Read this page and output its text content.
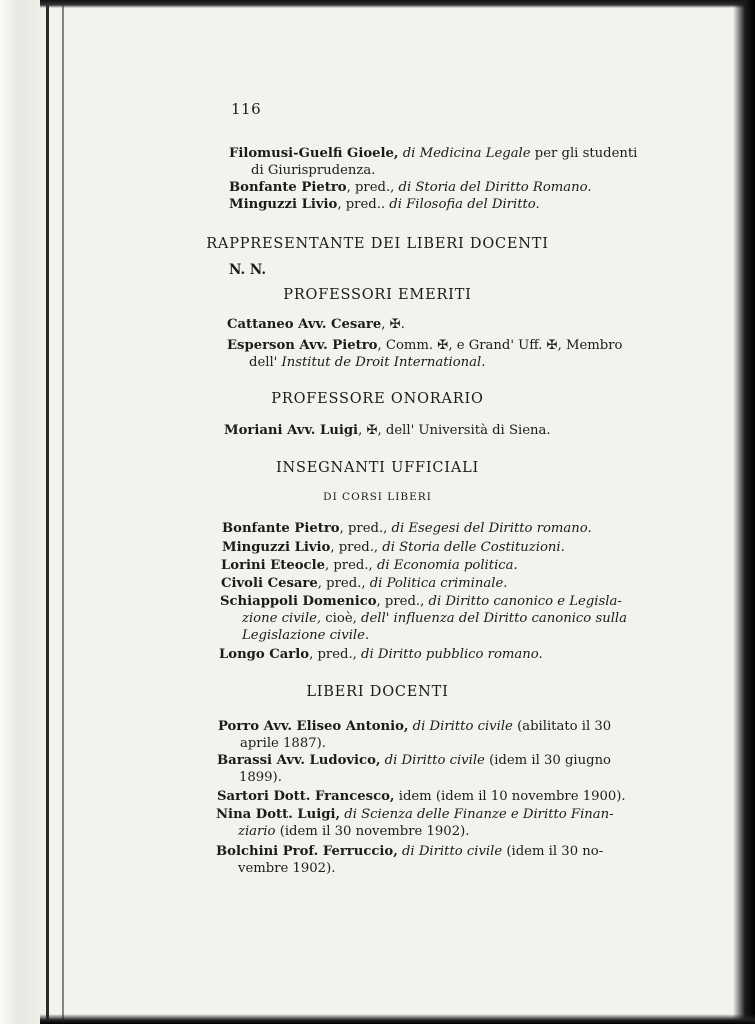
116
Filomusi-Guelfi Gioele, di Medicina Legale per gli studenti
di Giurisprudenza.
Bonfante Pietro, pred., di Storia del Diritto Romano.
Minguzzi Livio, pred.. di Filosofia del Diritto.
RAPPRESENTANTE DEI LIBERI DOCENTI
N. N.
PROFESSORI EMERITI
Cattaneo Avv. Cesare, ✠.
Esperson Avv. Pietro, Comm. ✠, e Grand' Uff. ✠, Membro
dell' Institut de Droit International.
PROFESSORE ONORARIO
Moriani Avv. Luigi, ✠, dell' Università di Siena.
INSEGNANTI UFFICIALI
DI CORSI LIBERI
Bonfante Pietro, pred., di Esegesi del Diritto romano.
Minguzzi Livio, pred., di Storia delle Costituzioni.
Lorini Eteocle, pred., di Economia politica.
Civoli Cesare, pred., di Politica criminale.
Schiappoli Domenico, pred., di Diritto canonico e Legisla-
zione civile, cioè, dell' influenza del Diritto canonico sulla
Legislazione civile.
Longo Carlo, pred., di Diritto pubblico romano.
LIBERI DOCENTI
Porro Avv. Eliseo Antonio, di Diritto civile (abilitato il 30
aprile 1887).
Barassi Avv. Ludovico, di Diritto civile (idem il 30 giugno
1899).
Sartori Dott. Francesco, idem (idem il 10 novembre 1900).
Nina Dott. Luigi, di Scienza delle Finanze e Diritto Finan-
ziario (idem il 30 novembre 1902).
Bolchini Prof. Ferruccio, di Diritto civile (idem il 30 no-
vembre 1902).
